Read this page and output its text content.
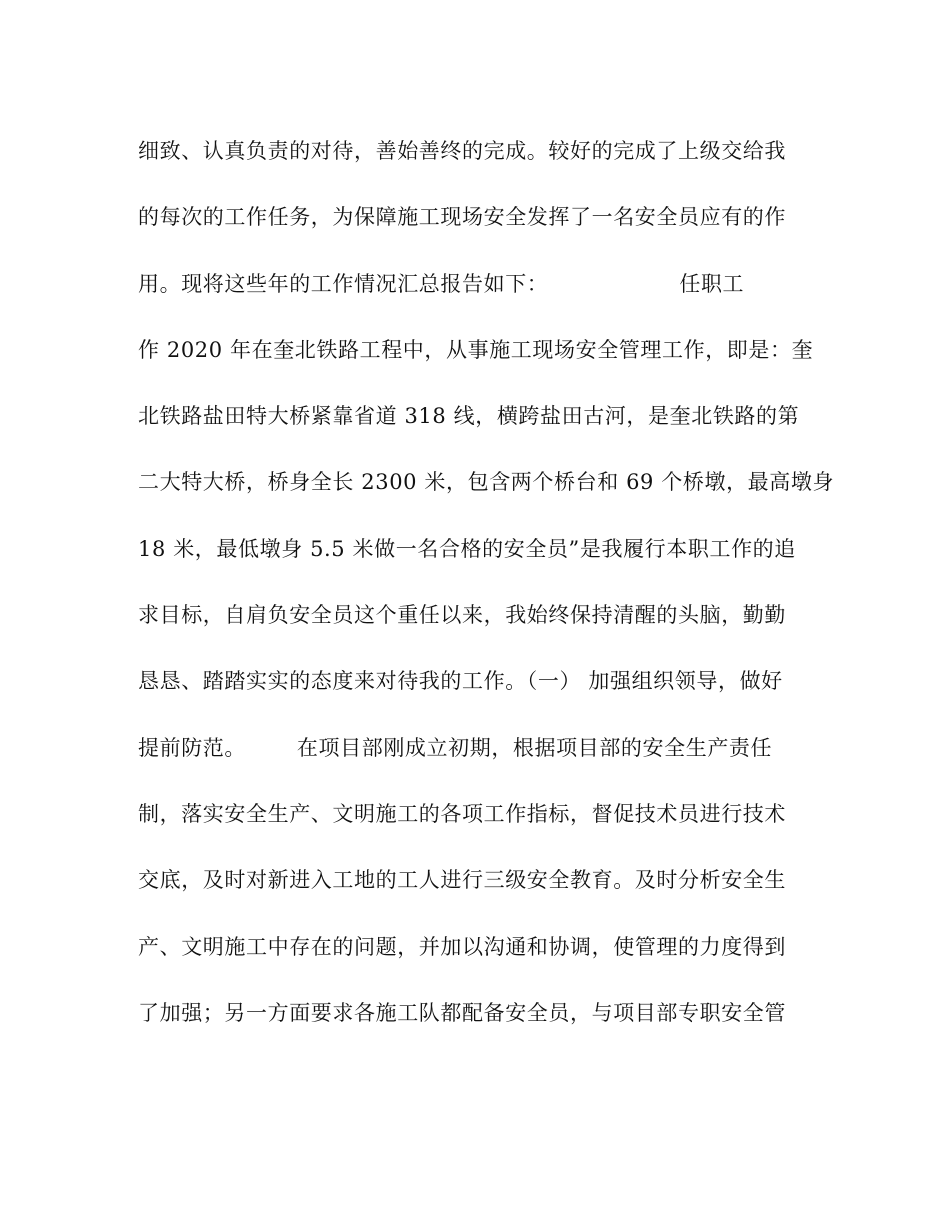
细致、认真负责的对待，善始善终的完成。较好的完成了上级交给我
的每次的工作任务，为保障施工现场安全发挥了一名安全员应有的作
用。现将这些年的工作情况汇总报告如下：                  任职工
作 2020 年在奎北铁路工程中，从事施工现场安全管理工作，即是：奎
北铁路盐田特大桥紧靠省道 318 线，横跨盐田古河，是奎北铁路的第
二大特大桥，桥身全长 2300 米，包含两个桥台和 69 个桥墩，最高墩身
18 米，最低墩身 5.5 米做一名合格的安全员”是我履行本职工作的追
求目标，自肩负安全员这个重任以来，我始终保持清醒的头脑，勤勤
恳恳、踏踏实实的态度来对待我的工作。（一） 加强组织领导，做好
提前防范。       在项目部刚成立初期，根据项目部的安全生产责任
制，落实安全生产、文明施工的各项工作指标，督促技术员进行技术
交底，及时对新进入工地的工人进行三级安全教育。及时分析安全生
产、文明施工中存在的问题，并加以沟通和协调，使管理的力度得到
了加强；另一方面要求各施工队都配备安全员，与项目部专职安全管
